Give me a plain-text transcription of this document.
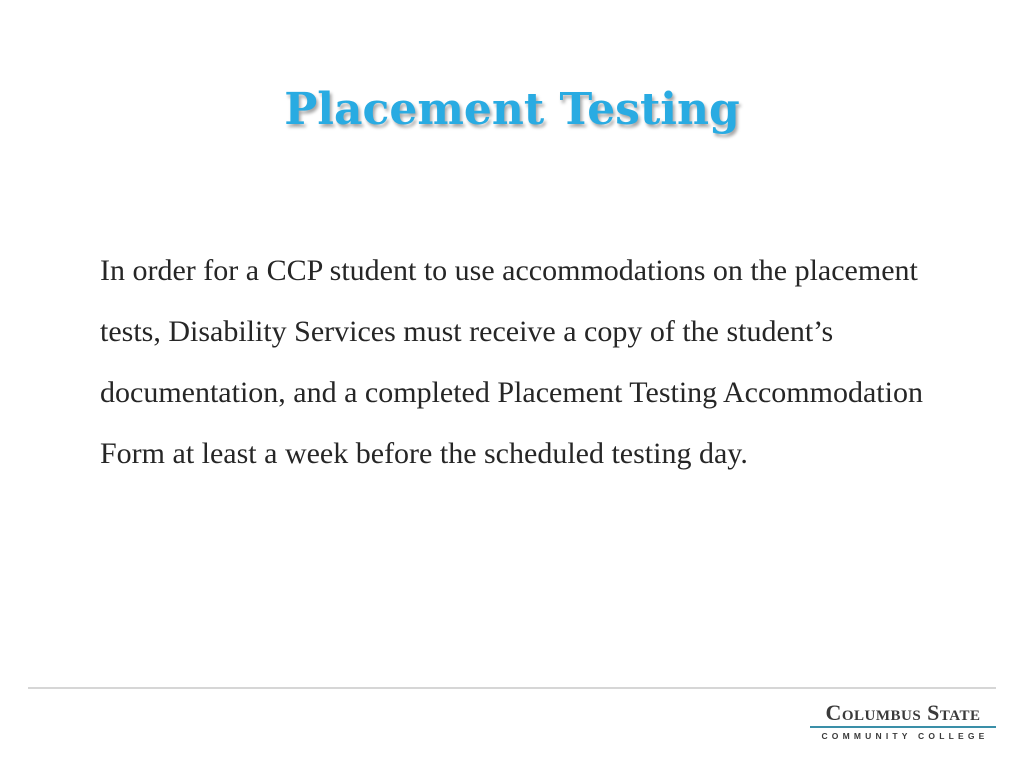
Placement Testing

In order for a CCP student to use accommodations on the placement tests, Disability Services must receive a copy of the student’s documentation, and a completed Placement Testing Accommodation Form at least a week before the scheduled testing day.

Columbus State
COMMUNITY COLLEGE
